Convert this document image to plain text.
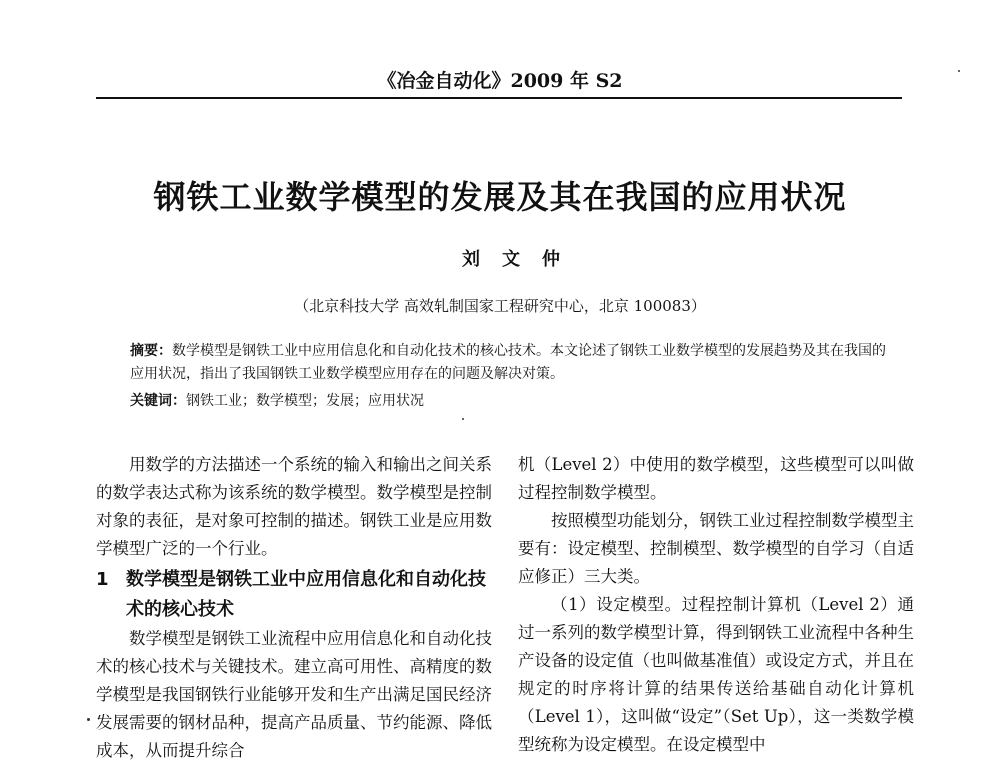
《冶金自动化》2009 年 S2
钢铁工业数学模型的发展及其在我国的应用状况
刘文仲
（北京科技大学 高效轧制国家工程研究中心，北京 100083）
摘要：数学模型是钢铁工业中应用信息化和自动化技术的核心技术。本文论述了钢铁工业数学模型的发展趋势及其在我国的应用状况，指出了我国钢铁工业数学模型应用存在的问题及解决对策。
关键词：钢铁工业；数学模型；发展；应用状况

用数学的方法描述一个系统的输入和输出之间关系的数学表达式称为该系统的数学模型。数学模型是控制对象的表征，是对象可控制的描述。钢铁工业是应用数学模型广泛的一个行业。

1 数学模型是钢铁工业中应用信息化和自动化技术的核心技术

数学模型是钢铁工业流程中应用信息化和自动化技术的核心技术与关键技术。建立高可用性、高精度的数学模型是我国钢铁行业能够开发和生产出满足国民经济发展需要的钢材品种，提高产品质量、节约能源、降低成本，从而提升综合

机（Level 2）中使用的数学模型，这些模型可以叫做过程控制数学模型。

按照模型功能划分，钢铁工业过程控制数学模型主要有：设定模型、控制模型、数学模型的自学习（自适应修正）三大类。

（1）设定模型。过程控制计算机（Level 2）通过一系列的数学模型计算，得到钢铁工业流程中各种生产设备的设定值（也叫做基准值）或设定方式，并且在规定的时序将计算的结果传送给基础自动化计算机（Level 1），这叫做“设定”（Set Up），这一类数学模型统称为设定模型。在设定模型中
